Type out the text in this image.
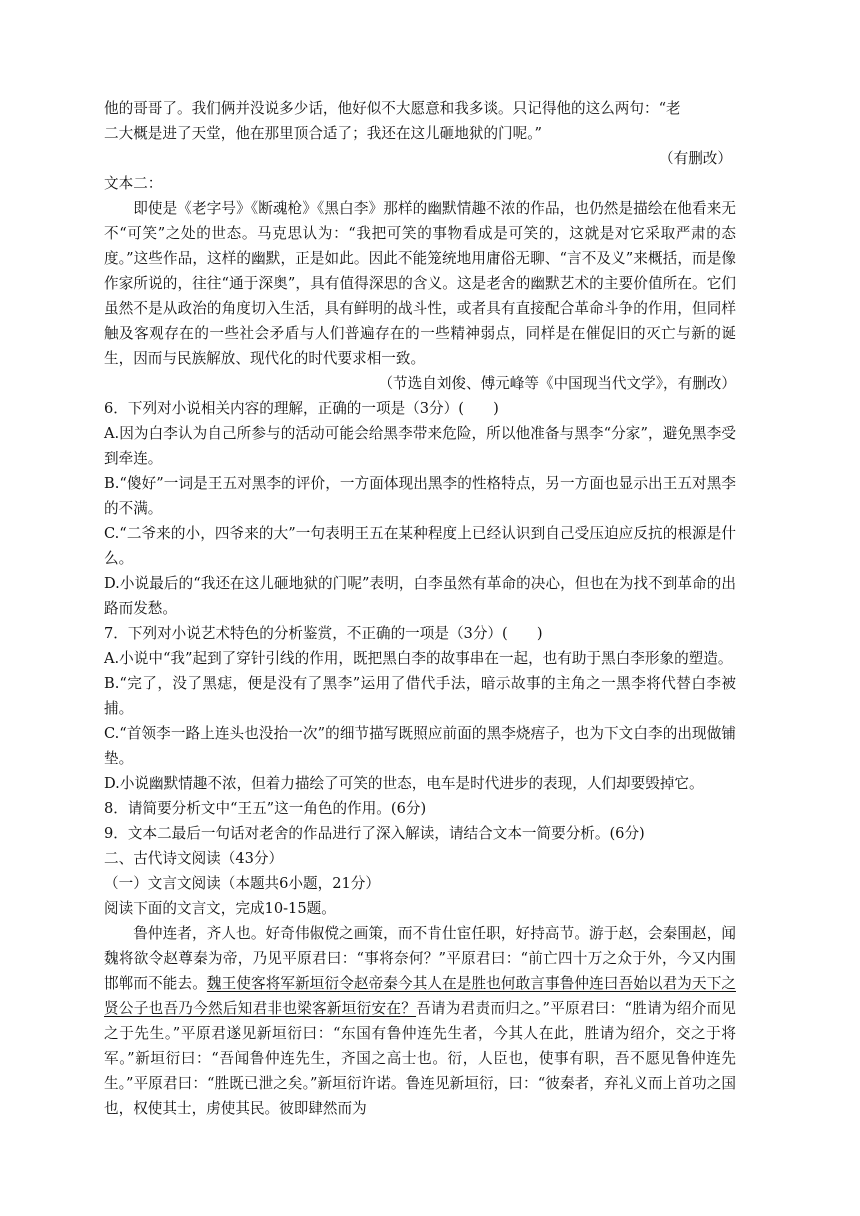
他的哥哥了。我们俩并没说多少话，他好似不大愿意和我多谈。只记得他的这么两句：“老

二大概是进了天堂，他在那里顶合适了；我还在这儿砸地狱的门呢。”

（有删改）

文本二：

即使是《老字号》《断魂枪》《黑白李》那样的幽默情趣不浓的作品，也仍然是描绘在他看来无不“可笑”之处的世态。马克思认为：“我把可笑的事物看成是可笑的，这就是对它采取严肃的态度。”这些作品，这样的幽默，正是如此。因此不能笼统地用庸俗无聊、“言不及义”来概括，而是像作家所说的，往往“通于深奥”，具有值得深思的含义。这是老舍的幽默艺术的主要价值所在。它们虽然不是从政治的角度切入生活，具有鲜明的战斗性，或者具有直接配合革命斗争的作用，但同样触及客观存在的一些社会矛盾与人们普遍存在的一些精神弱点，同样是在催促旧的灭亡与新的诞生，因而与民族解放、现代化的时代要求相一致。

（节选自刘俊、傅元峰等《中国现当代文学》，有删改）

6．下列对小说相关内容的理解，正确的一项是（3分）(　　)

A.因为白李认为自己所参与的活动可能会给黑李带来危险，所以他准备与黑李“分家”，避免黑李受到牵连。

B.“傻好”一词是王五对黑李的评价，一方面体现出黑李的性格特点，另一方面也显示出王五对黑李的不满。

C.“二爷来的小，四爷来的大”一句表明王五在某种程度上已经认识到自己受压迫应反抗的根源是什么。

D.小说最后的“我还在这儿砸地狱的门呢”表明，白李虽然有革命的决心，但也在为找不到革命的出路而发愁。

7．下列对小说艺术特色的分析鉴赏，不正确的一项是（3分）(　　)

A.小说中“我”起到了穿针引线的作用，既把黑白李的故事串在一起，也有助于黑白李形象的塑造。

B.“完了，没了黑痣，便是没有了黑李”运用了借代手法，暗示故事的主角之一黑李将代替白李被捕。

C.“首领李一路上连头也没抬一次”的细节描写既照应前面的黑李烧痦子，也为下文白李的出现做铺垫。

D.小说幽默情趣不浓，但着力描绘了可笑的世态，电车是时代进步的表现，人们却要毁掉它。

8．请简要分析文中“王五”这一角色的作用。(6分)

9．文本二最后一句话对老舍的作品进行了深入解读，请结合文本一简要分析。(6分)

二、古代诗文阅读（43分）

（一）文言文阅读（本题共6小题，21分）

阅读下面的文言文，完成10-15题。

鲁仲连者，齐人也。好奇伟俶傥之画策，而不肯仕宦任职，好持高节。游于赵，会秦围赵，闻魏将欲令赵尊秦为帝，乃见平原君曰：“事将奈何？”平原君曰：“前亡四十万之众于外，今又内围邯郸而不能去。魏王使客将军新垣衍令赵帝秦今其人在是胜也何敢言事鲁仲连曰吾始以君为天下之贤公子也吾乃今然后知君非也梁客新垣衍安在？吾请为君责而归之。”平原君曰：“胜请为绍介而见之于先生。”平原君遂见新垣衍曰：“东国有鲁仲连先生者，今其人在此，胜请为绍介，交之于将军。”新垣衍曰：“吾闻鲁仲连先生，齐国之高士也。衍，人臣也，使事有职，吾不愿见鲁仲连先生。”平原君曰：“胜既已泄之矣。”新垣衍许诺。鲁连见新垣衍，曰：“彼秦者，弃礼义而上首功之国也，权使其士，虏使其民。彼即肆然而为
